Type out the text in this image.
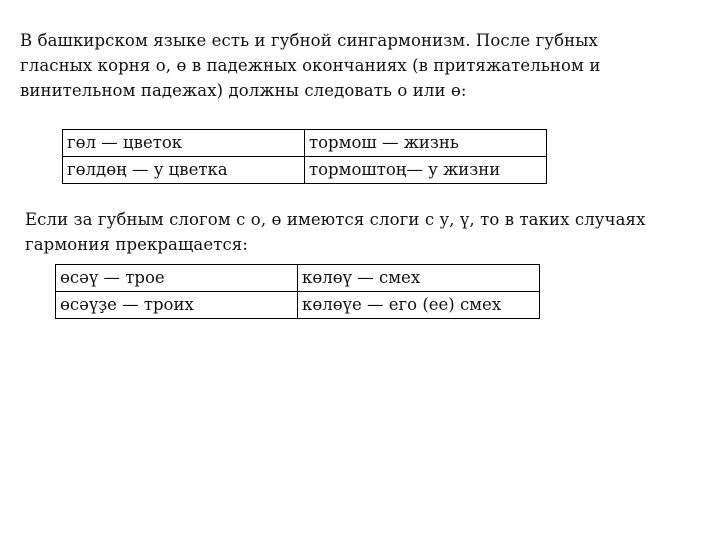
В башкирском языке есть и губной сингармонизм. После губных
гласных корня о, ө в падежных окончаниях (в притяжательном и
винительном падежах) должны следовать о или ө:

гөл — цветок	тормош — жизнь
гөлдөң — у цветка	тормоштоң— у жизни

Если за губным слогом с о, ө имеются слоги с у, ү, то в таких случаях
гармония прекращается:

өсәү — трое	көлөү — смех
өсәүҙе — троих	көлөүе — его (ее) смех
